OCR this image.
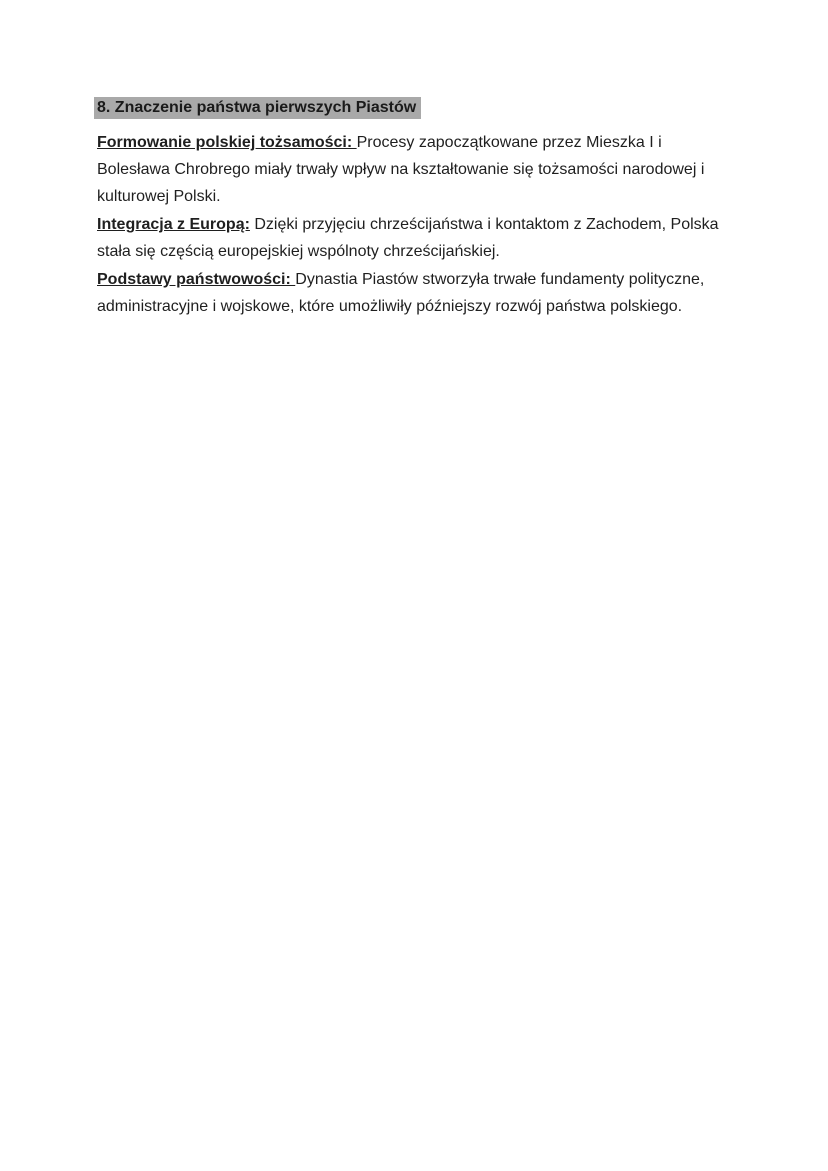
8. Znaczenie państwa pierwszych Piastów

Formowanie polskiej tożsamości: Procesy zapoczątkowane przez Mieszka I i
Bolesława Chrobrego miały trwały wpływ na kształtowanie się tożsamości narodowej i
kulturowej Polski.

Integracja z Europą: Dzięki przyjęciu chrześcijaństwa i kontaktom z Zachodem, Polska
stała się częścią europejskiej wspólnoty chrześcijańskiej.

Podstawy państwowości: Dynastia Piastów stworzyła trwałe fundamenty polityczne,
administracyjne i wojskowe, które umożliwiły późniejszy rozwój państwa polskiego.
